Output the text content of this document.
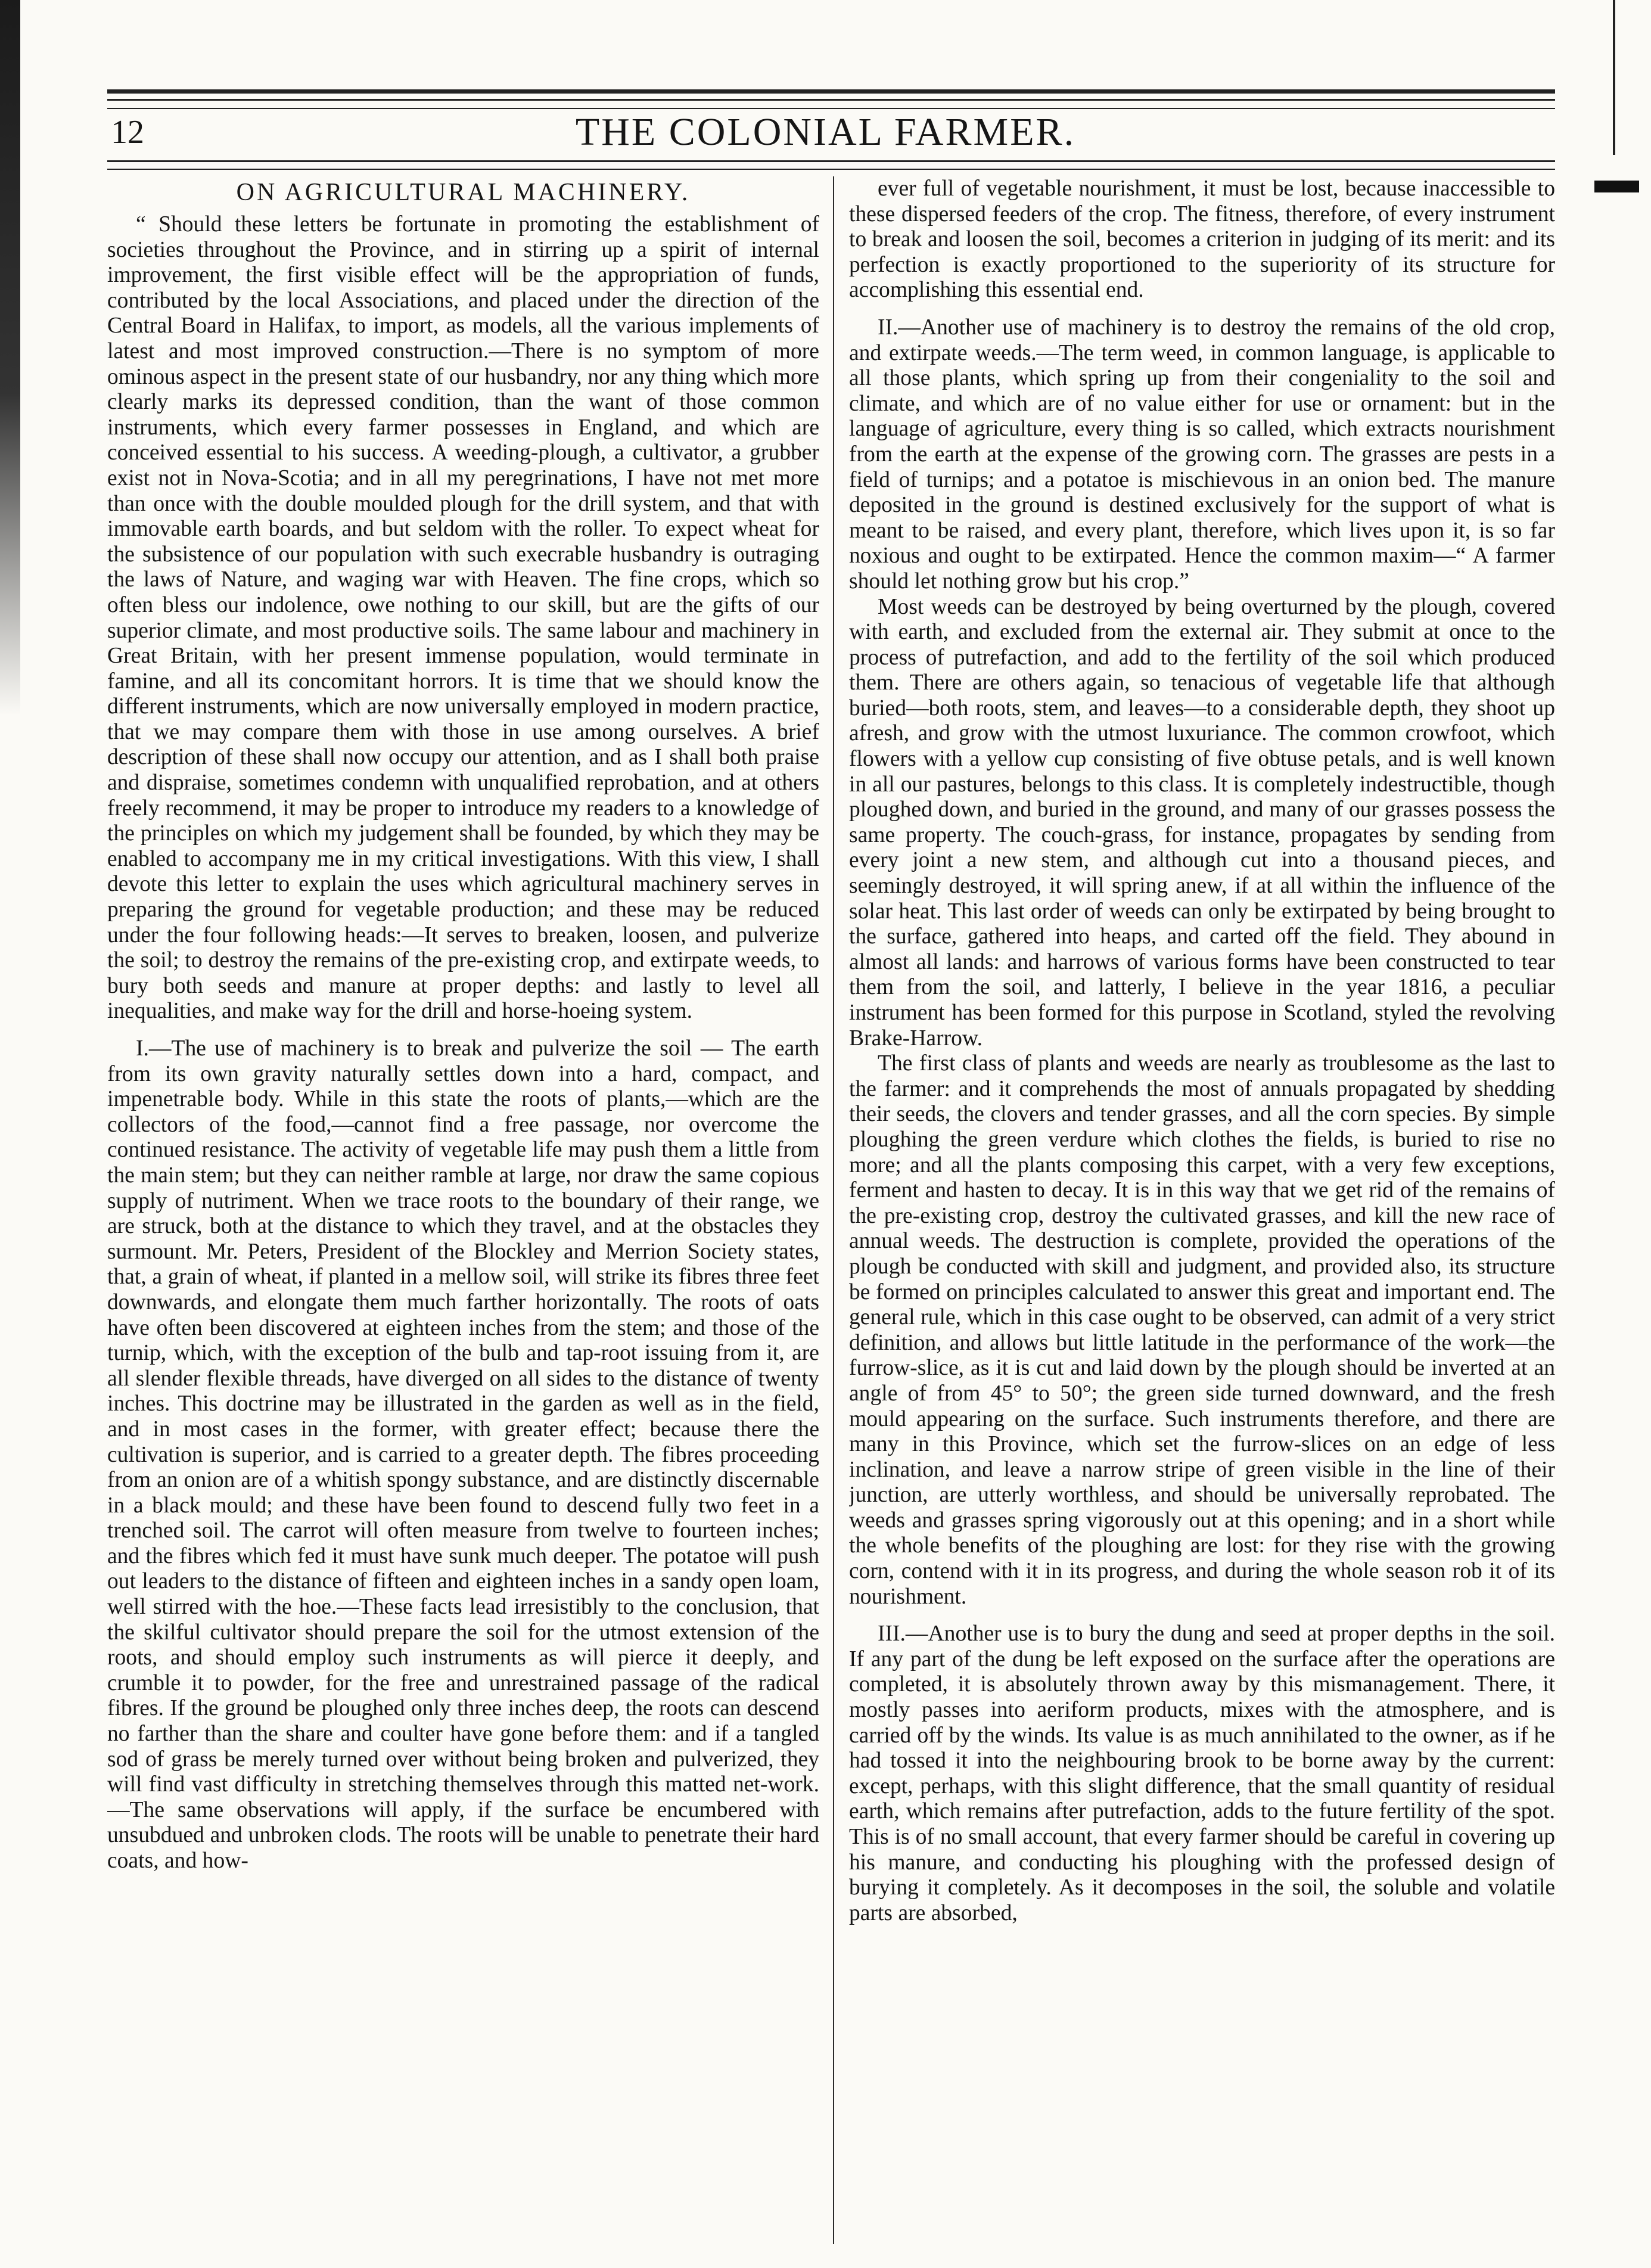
12	THE COLONIAL FARMER.
ON AGRICULTURAL MACHINERY.

“ Should these letters be fortunate in promoting the establishment of societies throughout the Province, and in stirring up a spirit of internal improvement, the first visible effect will be the appropriation of funds, contributed by the local Associations, and placed under the direction of the Central Board in Halifax, to import, as models, all the various implements of latest and most improved construction.—There is no symptom of more ominous aspect in the present state of our husbandry, nor any thing which more clearly marks its depressed condition, than the want of those common instruments, which every farmer possesses in England, and which are conceived essential to his success. A weeding-plough, a cultivator, a grubber exist not in Nova-Scotia; and in all my peregrinations, I have not met more than once with the double moulded plough for the drill system, and that with immovable earth boards, and but seldom with the roller. To expect wheat for the subsistence of our population with such execrable husbandry is outraging the laws of Nature, and waging war with Heaven. The fine crops, which so often bless our indolence, owe nothing to our skill, but are the gifts of our superior climate, and most productive soils. The same labour and machinery in Great Britain, with her present immense population, would terminate in famine, and all its concomitant horrors. It is time that we should know the different instruments, which are now universally employed in modern practice, that we may compare them with those in use among ourselves. A brief description of these shall now occupy our attention, and as I shall both praise and dispraise, sometimes condemn with unqualified reprobation, and at others freely recommend, it may be proper to introduce my readers to a knowledge of the principles on which my judgement shall be founded, by which they may be enabled to accompany me in my critical investigations. With this view, I shall devote this letter to explain the uses which agricultural machinery serves in preparing the ground for vegetable production; and these may be reduced under the four following heads:—It serves to breaken, loosen, and pulverize the soil; to destroy the remains of the pre-existing crop, and extirpate weeds, to bury both seeds and manure at proper depths: and lastly to level all inequalities, and make way for the drill and horse-hoeing system.

I.—The use of machinery is to break and pulverize the soil — The earth from its own gravity naturally settles down into a hard, compact, and impenetrable body. While in this state the roots of plants,—which are the collectors of the food,—cannot find a free passage, nor overcome the continued resistance. The activity of vegetable life may push them a little from the main stem; but they can neither ramble at large, nor draw the same copious supply of nutriment. When we trace roots to the boundary of their range, we are struck, both at the distance to which they travel, and at the obstacles they surmount. Mr. Peters, President of the Blockley and Merrion Society states, that, a grain of wheat, if planted in a mellow soil, will strike its fibres three feet downwards, and elongate them much farther horizontally. The roots of oats have often been discovered at eighteen inches from the stem; and those of the turnip, which, with the exception of the bulb and tap-root issuing from it, are all slender flexible threads, have diverged on all sides to the distance of twenty inches. This doctrine may be illustrated in the garden as well as in the field, and in most cases in the former, with greater effect; because there the cultivation is superior, and is carried to a greater depth. The fibres proceeding from an onion are of a whitish spongy substance, and are distinctly discernable in a black mould; and these have been found to descend fully two feet in a trenched soil. The carrot will often measure from twelve to fourteen inches; and the fibres which fed it must have sunk much deeper. The potatoe will push out leaders to the distance of fifteen and eighteen inches in a sandy open loam, well stirred with the hoe.—These facts lead irresistibly to the conclusion, that the skilful cultivator should prepare the soil for the utmost extension of the roots, and should employ such instruments as will pierce it deeply, and crumble it to powder, for the free and unrestrained passage of the radical fibres. If the ground be ploughed only three inches deep, the roots can descend no farther than the share and coulter have gone before them: and if a tangled sod of grass be merely turned over without being broken and pulverized, they will find vast difficulty in stretching themselves through this matted net-work.—The same observations will apply, if the surface be encumbered with unsubdued and unbroken clods. The roots will be unable to penetrate their hard coats, and how-

ever full of vegetable nourishment, it must be lost, because inaccessible to these dispersed feeders of the crop. The fitness, therefore, of every instrument to break and loosen the soil, becomes a criterion in judging of its merit: and its perfection is exactly proportioned to the superiority of its structure for accomplishing this essential end.

II.—Another use of machinery is to destroy the remains of the old crop, and extirpate weeds.—The term weed, in common language, is applicable to all those plants, which spring up from their congeniality to the soil and climate, and which are of no value either for use or ornament: but in the language of agriculture, every thing is so called, which extracts nourishment from the earth at the expense of the growing corn. The grasses are pests in a field of turnips; and a potatoe is mischievous in an onion bed. The manure deposited in the ground is destined exclusively for the support of what is meant to be raised, and every plant, therefore, which lives upon it, is so far noxious and ought to be extirpated. Hence the common maxim—“ A farmer should let nothing grow but his crop.”

Most weeds can be destroyed by being overturned by the plough, covered with earth, and excluded from the external air. They submit at once to the process of putrefaction, and add to the fertility of the soil which produced them. There are others again, so tenacious of vegetable life that although buried—both roots, stem, and leaves—to a considerable depth, they shoot up afresh, and grow with the utmost luxuriance. The common crowfoot, which flowers with a yellow cup consisting of five obtuse petals, and is well known in all our pastures, belongs to this class. It is completely indestructible, though ploughed down, and buried in the ground, and many of our grasses possess the same property. The couch-grass, for instance, propagates by sending from every joint a new stem, and although cut into a thousand pieces, and seemingly destroyed, it will spring anew, if at all within the influence of the solar heat. This last order of weeds can only be extirpated by being brought to the surface, gathered into heaps, and carted off the field. They abound in almost all lands: and harrows of various forms have been constructed to tear them from the soil, and latterly, I believe in the year 1816, a peculiar instrument has been formed for this purpose in Scotland, styled the revolving Brake-Harrow.

The first class of plants and weeds are nearly as troublesome as the last to the farmer: and it comprehends the most of annuals propagated by shedding their seeds, the clovers and tender grasses, and all the corn species. By simple ploughing the green verdure which clothes the fields, is buried to rise no more; and all the plants composing this carpet, with a very few exceptions, ferment and hasten to decay. It is in this way that we get rid of the remains of the pre-existing crop, destroy the cultivated grasses, and kill the new race of annual weeds. The destruction is complete, provided the operations of the plough be conducted with skill and judgment, and provided also, its structure be formed on principles calculated to answer this great and important end. The general rule, which in this case ought to be observed, can admit of a very strict definition, and allows but little latitude in the performance of the work—the furrow-slice, as it is cut and laid down by the plough should be inverted at an angle of from 45° to 50°; the green side turned downward, and the fresh mould appearing on the surface. Such instruments therefore, and there are many in this Province, which set the furrow-slices on an edge of less inclination, and leave a narrow stripe of green visible in the line of their junction, are utterly worthless, and should be universally reprobated. The weeds and grasses spring vigorously out at this opening; and in a short while the whole benefits of the ploughing are lost: for they rise with the growing corn, contend with it in its progress, and during the whole season rob it of its nourishment.

III.—Another use is to bury the dung and seed at proper depths in the soil. If any part of the dung be left exposed on the surface after the operations are completed, it is absolutely thrown away by this mismanagement. There, it mostly passes into aeriform products, mixes with the atmosphere, and is carried off by the winds. Its value is as much annihilated to the owner, as if he had tossed it into the neighbouring brook to be borne away by the current: except, perhaps, with this slight difference, that the small quantity of residual earth, which remains after putrefaction, adds to the future fertility of the spot. This is of no small account, that every farmer should be careful in covering up his manure, and conducting his ploughing with the professed design of burying it completely. As it decomposes in the soil, the soluble and volatile parts are absorbed,
